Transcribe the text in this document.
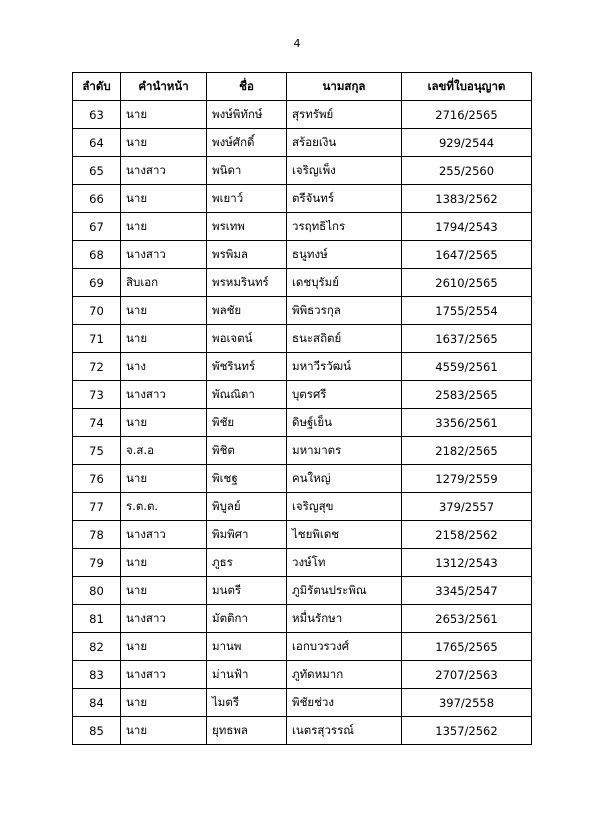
4
ลำดับ	คำนำหน้า	ชื่อ	นามสกุล	เลขที่ใบอนุญาต
63	นาย	พงษ์พิทักษ์	สุรทรัพย์	2716/2565
64	นาย	พงษ์ศักดิ์	สร้อยเงิน	929/2544
65	นางสาว	พนิดา	เจริญเพ็ง	255/2560
66	นาย	พเยาว์	ตรีจันทร์	1383/2562
67	นาย	พรเทพ	วรฤทธิไกร	1794/2543
68	นางสาว	พรพิมล	ธนูทงษ์	1647/2565
69	สิบเอก	พรหมรินทร์	เดชบุรัมย์	2610/2565
70	นาย	พลชัย	พิพิธวรกุล	1755/2554
71	นาย	พอเจตน์	ธนะสถิตย์	1637/2565
72	นาง	พัชรินทร์	มหาวีรวัฒน์	4559/2561
73	นางสาว	พัณณิตา	บุตรศรี	2583/2565
74	นาย	พิชัย	ดิษฐ์เย็น	3356/2561
75	จ.ส.อ	พิชิต	มหามาตร	2182/2565
76	นาย	พิเชฐ	คนใหญ่	1279/2559
77	ร.ต.ต.	พิบูลย์	เจริญสุข	379/2557
78	นางสาว	พิมพิศา	ไชยพิเดช	2158/2562
79	นาย	ภูธร	วงษ์โท	1312/2543
80	นาย	มนตรี	ภูมิรัตนประพิณ	3345/2547
81	นางสาว	มัตติกา	หมื่นรักษา	2653/2561
82	นาย	มานพ	เอกบวรวงศ์	1765/2565
83	นางสาว	ม่านฟ้า	ภูทัดหมาก	2707/2563
84	นาย	ไมตรี	พิชัยช่วง	397/2558
85	นาย	ยุทธพล	เนตรสุวรรณ์	1357/2562
